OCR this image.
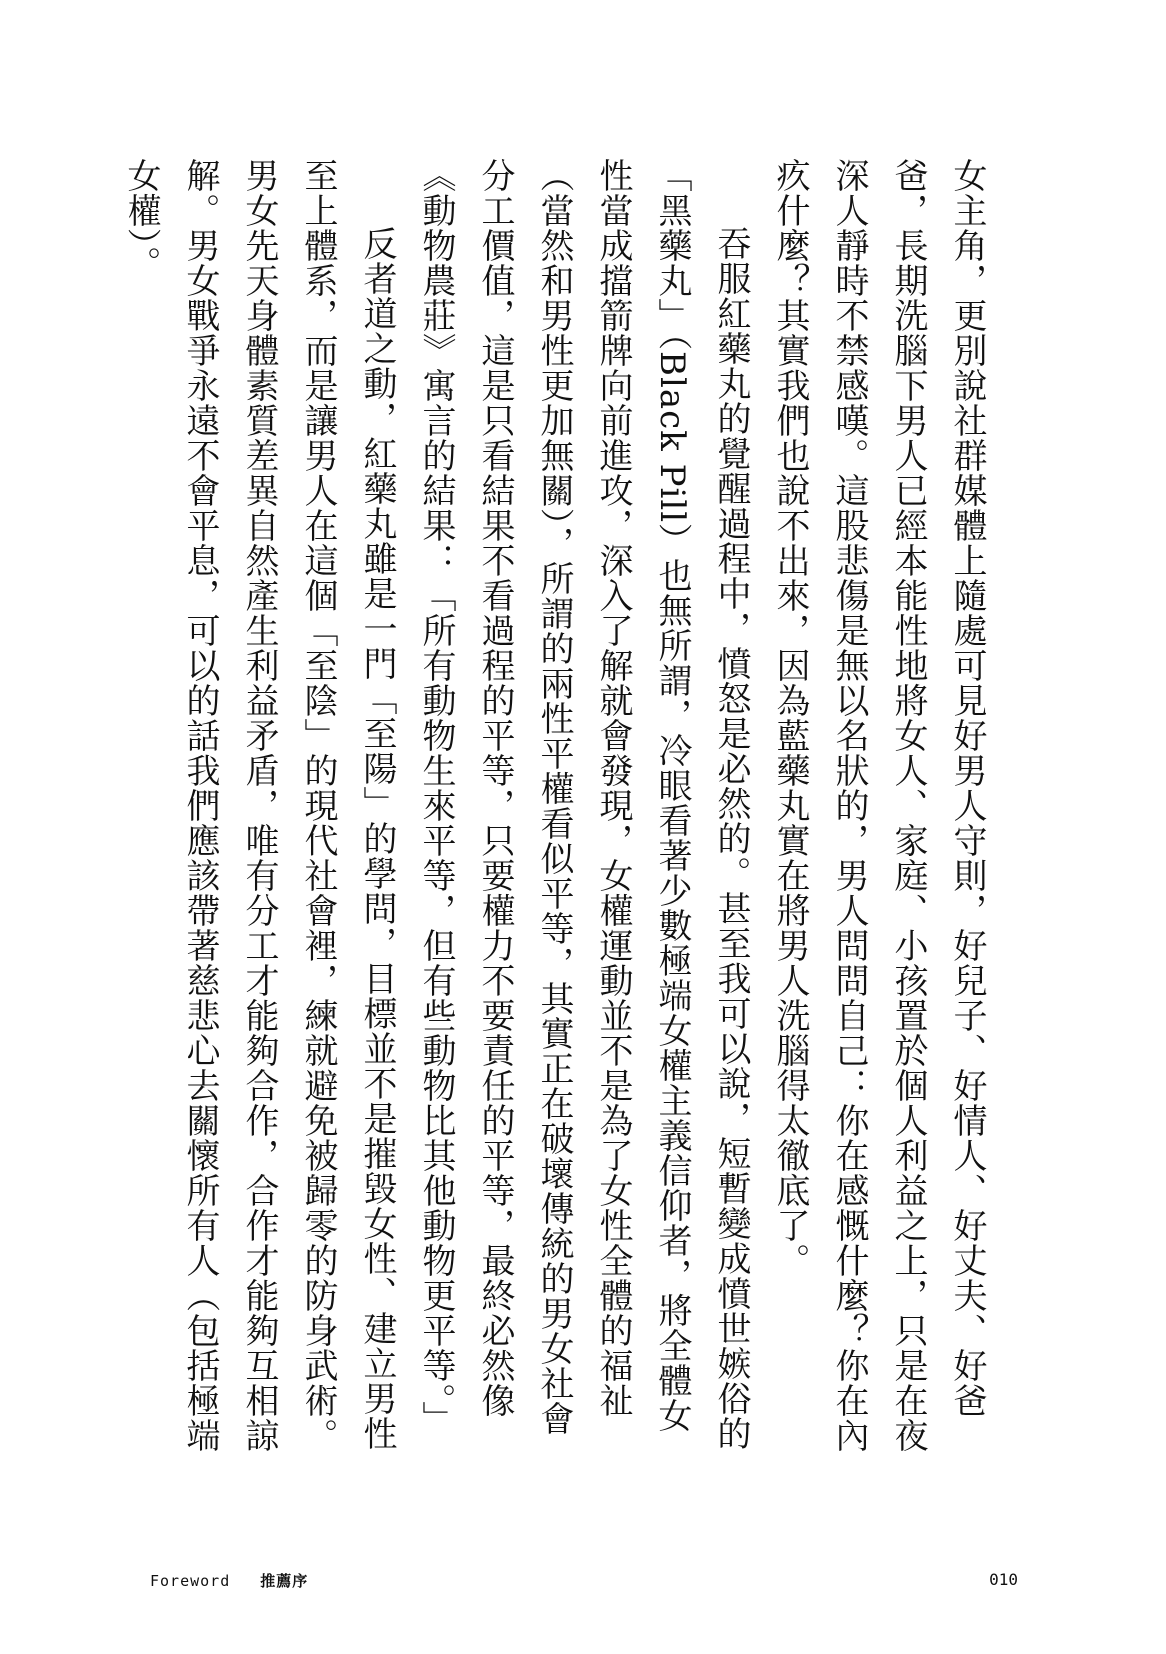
女主角，更別說社群媒體上隨處可見好男人守則，好兒子、好情人、好丈夫、好爸爸，長期洗腦下男人已經本能性地將女人、家庭、小孩置於個人利益之上，只是在夜深人靜時不禁感嘆。這股悲傷是無以名狀的，男人問問自己：你在感慨什麼？你在內疚什麼？其實我們也說不出來，因為藍藥丸實在將男人洗腦得太徹底了。

吞服紅藥丸的覺醒過程中，憤怒是必然的。甚至我可以說，短暫變成憤世嫉俗的「黑藥丸」（Black Pill）也無所謂，冷眼看著少數極端女權主義信仰者，將全體女性當成擋箭牌向前進攻，深入了解就會發現，女權運動並不是為了女性全體的福祉（當然和男性更加無關），所謂的兩性平權看似平等，其實正在破壞傳統的男女社會分工價值，這是只看結果不看過程的平等，只要權力不要責任的平等，最終必然像《動物農莊》寓言的結果：「所有動物生來平等，但有些動物比其他動物更平等。」

反者道之動，紅藥丸雖是一門「至陽」的學問，目標並不是摧毀女性、建立男性至上體系，而是讓男人在這個「至陰」的現代社會裡，練就避免被歸零的防身武術。男女先天身體素質差異自然產生利益矛盾，唯有分工才能夠合作，合作才能夠互相諒解。男女戰爭永遠不會平息，可以的話我們應該帶著慈悲心去關懷所有人（包括極端女權）。

Foreword 推薦序	010
